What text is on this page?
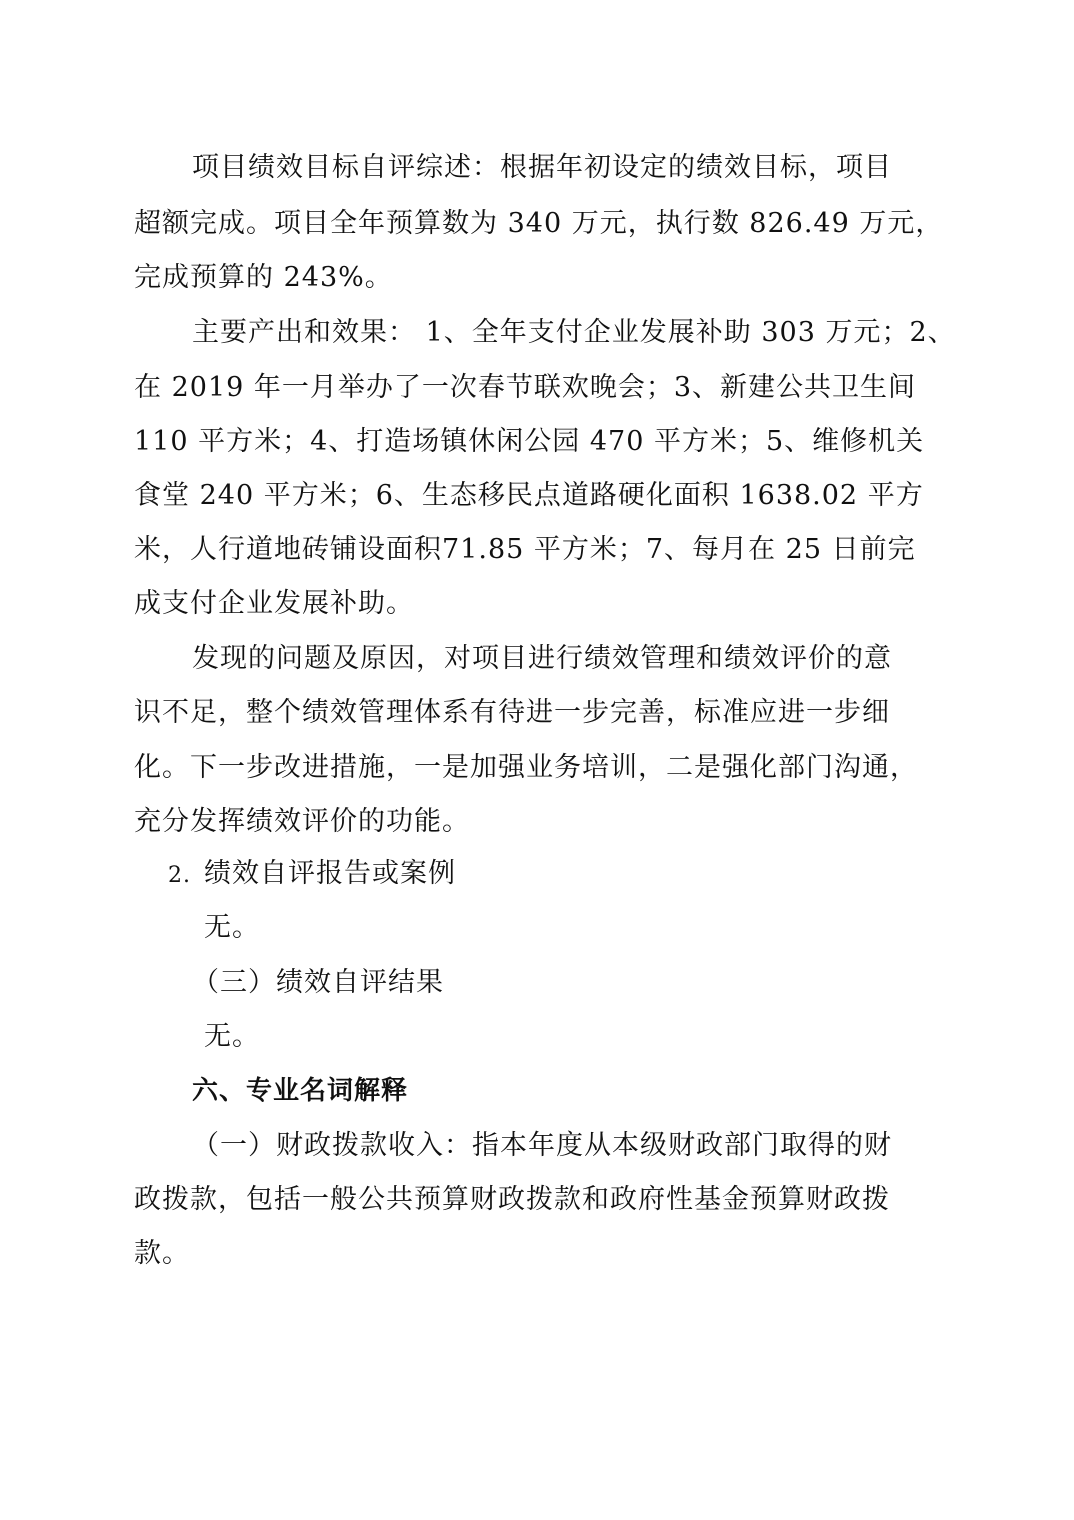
项目绩效目标自评综述：根据年初设定的绩效目标，项目
超额完成。项目全年预算数为 340 万元，执行数 826.49 万元，
完成预算的 243%。
主要产出和效果： 1、全年支付企业发展补助 303 万元；2、
在 2019 年一月举办了一次春节联欢晚会；3、新建公共卫生间
110 平方米；4、打造场镇休闲公园 470 平方米；5、维修机关
食堂 240 平方米；6、生态移民点道路硬化面积 1638.02 平方
米，人行道地砖铺设面积71.85 平方米；7、每月在 25 日前完
成支付企业发展补助。
发现的问题及原因，对项目进行绩效管理和绩效评价的意
识不足，整个绩效管理体系有待进一步完善，标准应进一步细
化。下一步改进措施，一是加强业务培训，二是强化部门沟通，
充分发挥绩效评价的功能。
2. 绩效自评报告或案例
无。
（三）绩效自评结果
无。
六、专业名词解释
（一）财政拨款收入：指本年度从本级财政部门取得的财
政拨款，包括一般公共预算财政拨款和政府性基金预算财政拨
款。
